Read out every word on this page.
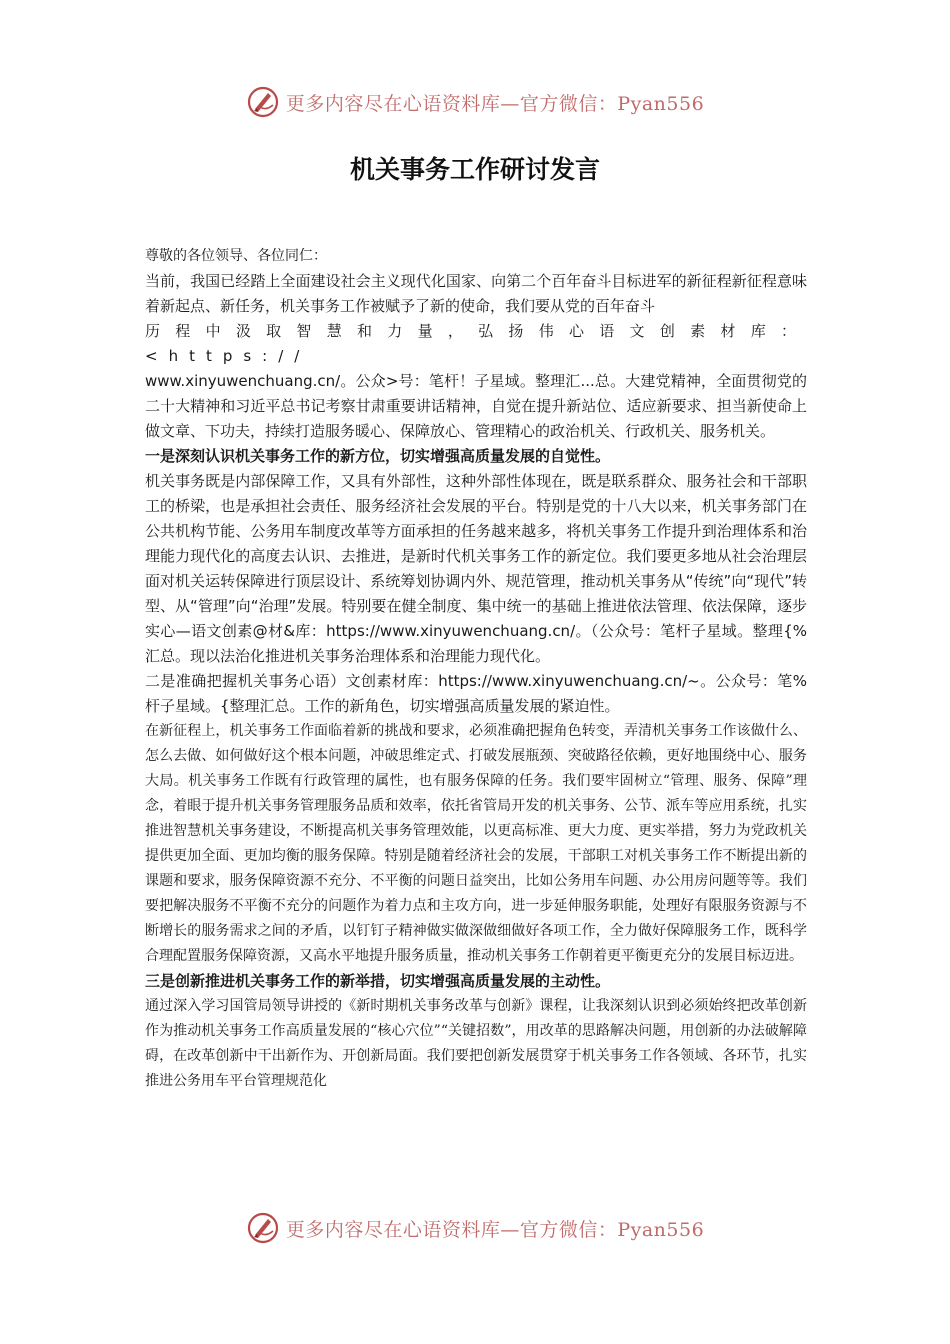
更多内容尽在心语资料库—官方微信：Pyan556
机关事务工作研讨发言

尊敬的各位领导、各位同仁：

当前，我国已经踏上全面建设社会主义现代化国家、向第二个百年奋斗目标进军的新征程新征程意味着新起点、新任务，机关事务工作被赋予了新的使命，我们要从党的百年奋斗

历程中汲取智慧和力量，弘扬伟心语文创素材库：<https://

www.xinyuwenchuang.cn/。公众>号：笔杆！子星域。整理汇...总。大建党精神，全面贯彻党的二十大精神和习近平总书记考察甘肃重要讲话精神，自觉在提升新站位、适应新要求、担当新使命上做文章、下功夫，持续打造服务暖心、保障放心、管理精心的政治机关、行政机关、服务机关。

一是深刻认识机关事务工作的新方位，切实增强高质量发展的自觉性。

机关事务既是内部保障工作，又具有外部性，这种外部性体现在，既是联系群众、服务社会和干部职工的桥梁，也是承担社会责任、服务经济社会发展的平台。特别是党的十八大以来，机关事务部门在公共机构节能、公务用车制度改革等方面承担的任务越来越多，将机关事务工作提升到治理体系和治理能力现代化的高度去认识、去推进，是新时代机关事务工作的新定位。我们要更多地从社会治理层面对机关运转保障进行顶层设计、系统筹划协调内外、规范管理，推动机关事务从“传统”向“现代”转型、从“管理”向“治理”发展。特别要在健全制度、集中统一的基础上推进依法管理、依法保障，逐步实心—语文创素@材&库：https://www.xinyuwenchuang.cn/。（公众号：笔杆子星域。整理{%汇总。现以法治化推进机关事务治理体系和治理能力现代化。

二是准确把握机关事务心语）文创素材库：https://www.xinyuwenchuang.cn/~。公众号：笔%杆子星域。{整理汇总。工作的新角色，切实增强高质量发展的紧迫性。

在新征程上，机关事务工作面临着新的挑战和要求，必须准确把握角色转变，弄清机关事务工作该做什么、怎么去做、如何做好这个根本问题，冲破思维定式、打破发展瓶颈、突破路径依赖，更好地围绕中心、服务大局。机关事务工作既有行政管理的属性，也有服务保障的任务。我们要牢固树立“管理、服务、保障”理念，着眼于提升机关事务管理服务品质和效率，依托省管局开发的机关事务、公节、派车等应用系统，扎实推进智慧机关事务建设，不断提高机关事务管理效能，以更高标准、更大力度、更实举措，努力为党政机关提供更加全面、更加均衡的服务保障。特别是随着经济社会的发展，干部职工对机关事务工作不断提出新的课题和要求，服务保障资源不充分、不平衡的问题日益突出，比如公务用车问题、办公用房问题等等。我们要把解决服务不平衡不充分的问题作为着力点和主攻方向，进一步延伸服务职能，处理好有限服务资源与不断增长的服务需求之间的矛盾，以钉钉子精神做实做深做细做好各项工作，全力做好保障服务工作，既科学合理配置服务保障资源，又高水平地提升服务质量，推动机关事务工作朝着更平衡更充分的发展目标迈进。

三是创新推进机关事务工作的新举措，切实增强高质量发展的主动性。

通过深入学习国管局领导讲授的《新时期机关事务改革与创新》课程，让我深刻认识到必须始终把改革创新作为推动机关事务工作高质量发展的“核心穴位”“关键招数”，用改革的思路解决问题，用创新的办法破解障碍，在改革创新中干出新作为、开创新局面。我们要把创新发展贯穿于机关事务工作各领域、各环节，扎实推进公务用车平台管理规范化

更多内容尽在心语资料库—官方微信：Pyan556
